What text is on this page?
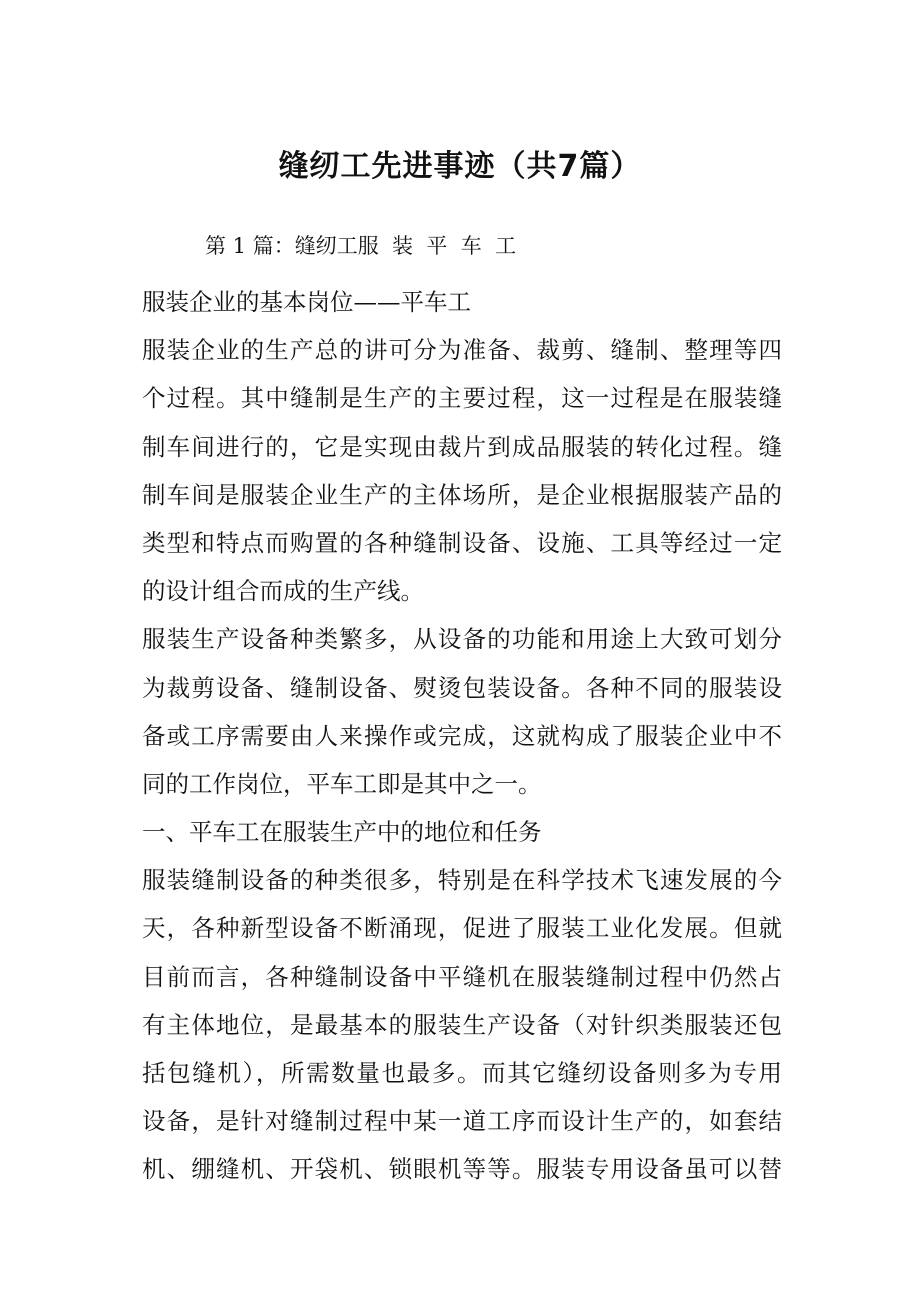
缝纫工先进事迹（共7篇）

第 1 篇：缝纫工服  装  平  车  工

服装企业的基本岗位——平车工
服装企业的生产总的讲可分为准备、裁剪、缝制、整理等四
个过程。其中缝制是生产的主要过程，这一过程是在服装缝
制车间进行的，它是实现由裁片到成品服装的转化过程。缝
制车间是服装企业生产的主体场所，是企业根据服装产品的
类型和特点而购置的各种缝制设备、设施、工具等经过一定
的设计组合而成的生产线。
服装生产设备种类繁多，从设备的功能和用途上大致可划分
为裁剪设备、缝制设备、熨烫包装设备。各种不同的服装设
备或工序需要由人来操作或完成，这就构成了服装企业中不
同的工作岗位，平车工即是其中之一。
一、平车工在服装生产中的地位和任务
服装缝制设备的种类很多，特别是在科学技术飞速发展的今
天，各种新型设备不断涌现，促进了服装工业化发展。但就
目前而言，各种缝制设备中平缝机在服装缝制过程中仍然占
有主体地位，是最基本的服装生产设备（对针织类服装还包
括包缝机），所需数量也最多。而其它缝纫设备则多为专用
设备，是针对缝制过程中某一道工序而设计生产的，如套结
机、绷缝机、开袋机、锁眼机等等。服装专用设备虽可以替
